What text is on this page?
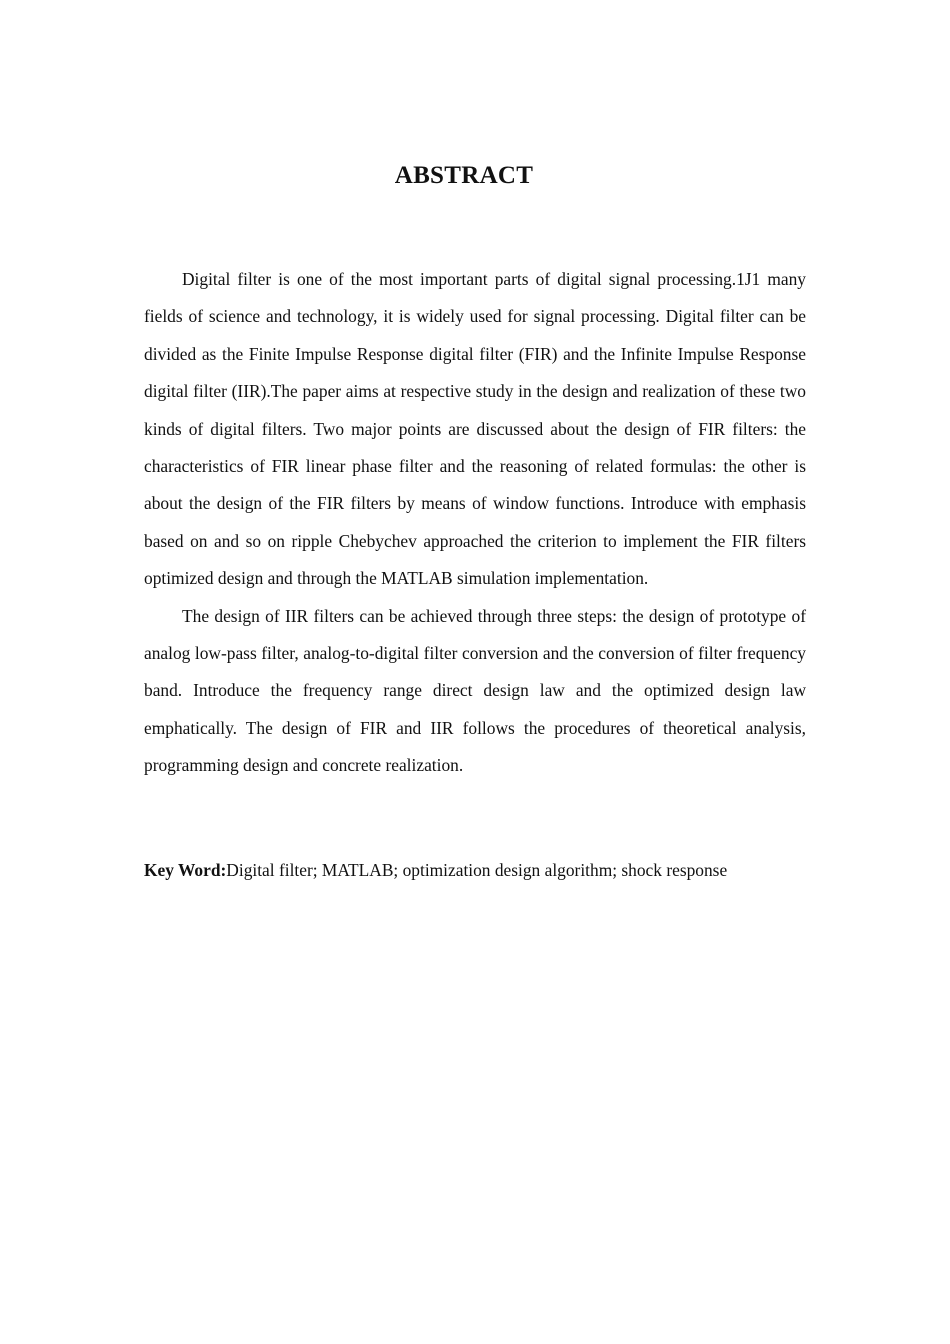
ABSTRACT

Digital filter is one of the most important parts of digital signal processing.1J1 many fields of science and technology, it is widely used for signal processing. Digital filter can be divided as the Finite Impulse Response digital filter (FIR) and the Infinite Impulse Response digital filter (IIR).The paper aims at respective study in the design and realization of these two kinds of digital filters. Two major points are discussed about the design of FIR filters: the characteristics of FIR linear phase filter and the reasoning of related formulas: the other is about the design of the FIR filters by means of window functions. Introduce with emphasis based on and so on ripple Chebychev approached the criterion to implement the FIR filters optimized design and through the MATLAB simulation implementation.

The design of IIR filters can be achieved through three steps: the design of prototype of analog low-pass filter, analog-to-digital filter conversion and the conversion of filter frequency band. Introduce the frequency range direct design law and the optimized design law emphatically. The design of FIR and IIR follows the procedures of theoretical analysis, programming design and concrete realization.

Key Word:Digital filter; MATLAB; optimization design algorithm; shock response
